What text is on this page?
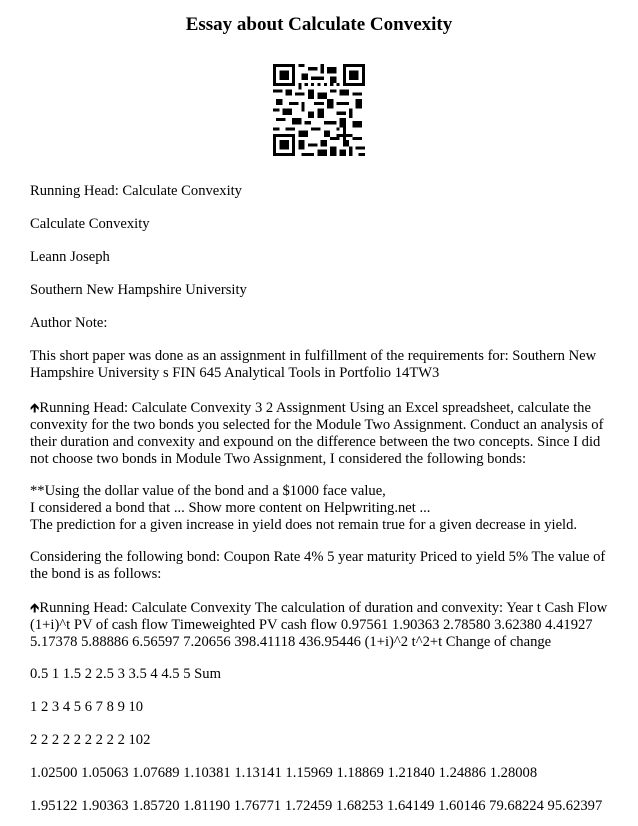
Essay about Calculate Convexity
Running Head: Calculate Convexity
Calculate Convexity
Leann Joseph
Southern New Hampshire University
Author Note:
This short paper was done as an assignment in fulfillment of the requirements for: Southern New Hampshire University s FIN 645 Analytical Tools in Portfolio 14TW3
🡹Running Head: Calculate Convexity 3 2 Assignment Using an Excel spreadsheet, calculate the convexity for the two bonds you selected for the Module Two Assignment. Conduct an analysis of their duration and convexity and expound on the difference between the two concepts. Since I did not choose two bonds in Module Two Assignment, I considered the following bonds:
**Using the dollar value of the bond and a $1000 face value,
I considered a bond that ... Show more content on Helpwriting.net ...
The prediction for a given increase in yield does not remain true for a given decrease in yield.
Considering the following bond: Coupon Rate 4% 5 year maturity Priced to yield 5% The value of the bond is as follows:
🡹Running Head: Calculate Convexity The calculation of duration and convexity: Year t Cash Flow (1+i)^t PV of cash flow Timeweighted PV cash flow 0.97561 1.90363 2.78580 3.62380 4.41927 5.17378 5.88886 6.56597 7.20656 398.41118 436.95446 (1+i)^2 t^2+t Change of change
0.5 1 1.5 2 2.5 3 3.5 4 4.5 5 Sum
1 2 3 4 5 6 7 8 9 10
2 2 2 2 2 2 2 2 2 102
1.02500 1.05063 1.07689 1.10381 1.13141 1.15969 1.18869 1.21840 1.24886 1.28008
1.95122 1.90363 1.85720 1.81190 1.76771 1.72459 1.68253 1.64149 1.60146 79.68224 95.62397
